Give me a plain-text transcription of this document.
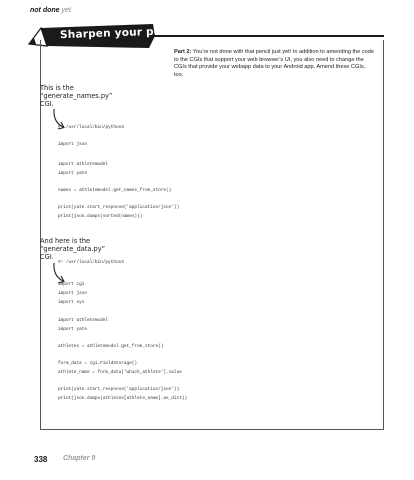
not done yet
Sharpen your pencil
Part 2: You’re not done with that pencil just yet! In addition to amending the code to the CGIs that support your web browser’s UI, you also need to change the CGIs that provide your webapp data to your Android app. Amend these CGIs, too.
This is the
“generate_names.py”
CGI.
#! /usr/local/bin/python3
import json
import athletemodel
import yate
names = athletemodel.get_names_from_store()
print(yate.start_response('application/json'))
print(json.dumps(sorted(names)))
And here is the
“generate_data.py”
CGI.
#! /usr/local/bin/python3
import cgi
import json
import sys
import athletemodel
import yate
athletes = athletemodel.get_from_store()
form_data = cgi.FieldStorage()
athlete_name = form_data['which_athlete'].value
print(yate.start_response('application/json'))
print(json.dumps(athletes[athlete_name].as_dict))
338 Chapter 9
